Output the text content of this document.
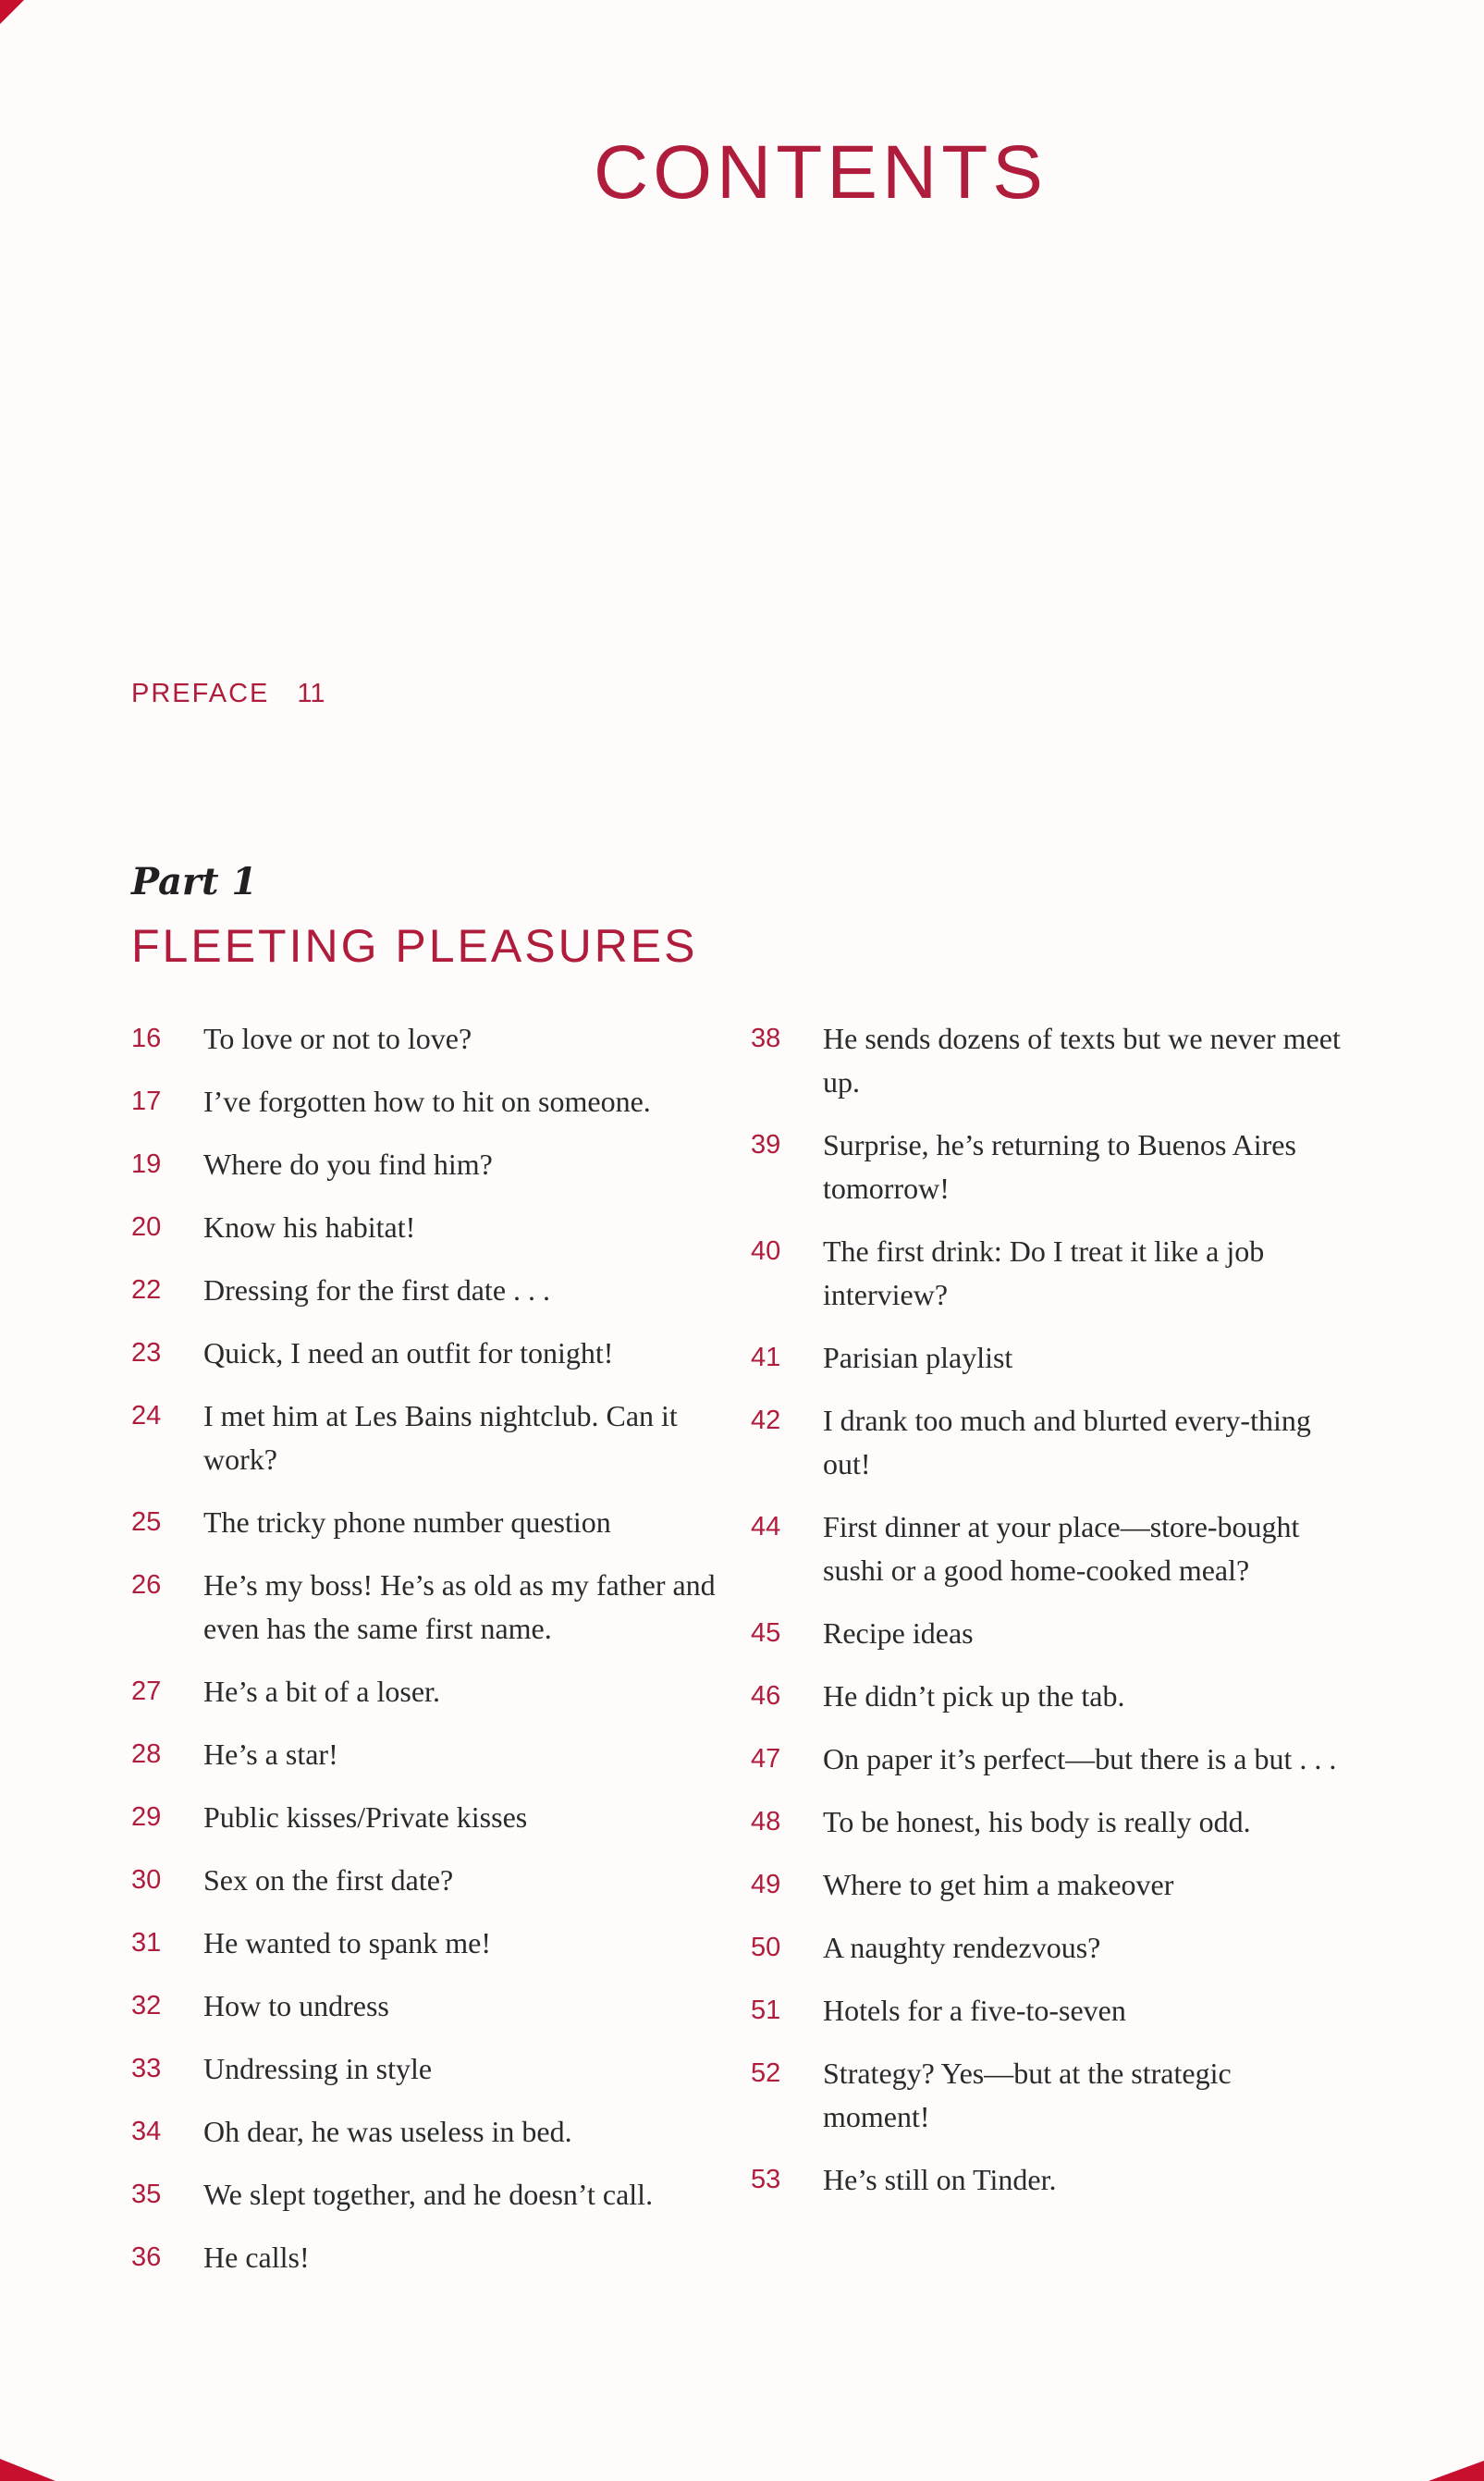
CONTENTS
PREFACE 11
Part 1
FLEETING PLEASURES
16	To love or not to love?
17	I’ve forgotten how to hit on someone.
19	Where do you find him?
20	Know his habitat!
22	Dressing for the first date . . .
23	Quick, I need an outfit for tonight!
24	I met him at Les Bains nightclub. Can it work?
25	The tricky phone number question
26	He’s my boss! He’s as old as my father and even has the same first name.
27	He’s a bit of a loser.
28	He’s a star!
29	Public kisses/Private kisses
30	Sex on the first date?
31	He wanted to spank me!
32	How to undress
33	Undressing in style
34	Oh dear, he was useless in bed.
35	We slept together, and he doesn’t call.
36	He calls!
38	He sends dozens of texts but we never meet up.
39	Surprise, he’s returning to Buenos Aires tomorrow!
40	The first drink: Do I treat it like a job interview?
41	Parisian playlist
42	I drank too much and blurted every-thing out!
44	First dinner at your place—store-bought sushi or a good home-cooked meal?
45	Recipe ideas
46	He didn’t pick up the tab.
47	On paper it’s perfect—but there is a but . . .
48	To be honest, his body is really odd.
49	Where to get him a makeover
50	A naughty rendezvous?
51	Hotels for a five-to-seven
52	Strategy? Yes—but at the strategic moment!
53	He’s still on Tinder.
